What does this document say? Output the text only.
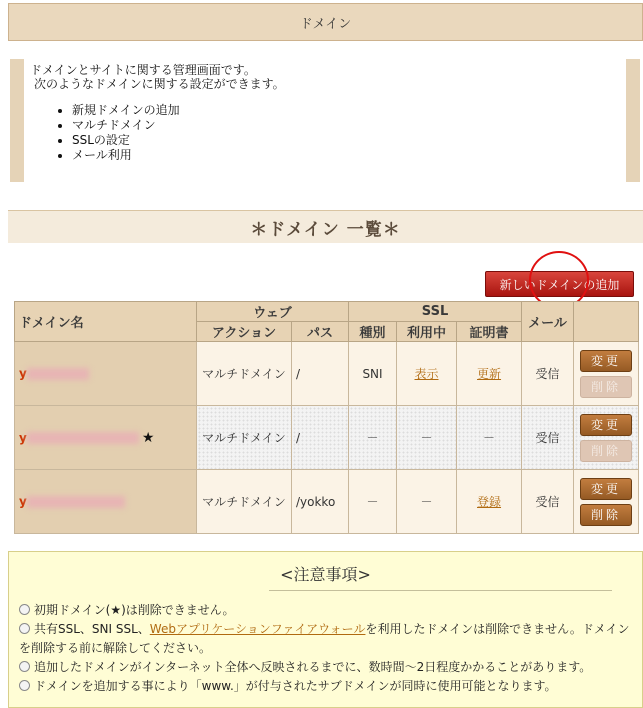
ドメイン
ドメインとサイトに関する管理画面です。
次のようなドメインに関する設定ができます。
• 新規ドメインの追加
• マルチドメイン
• SSLの設定
• メール利用
＊ドメイン 一覧＊
新しいドメインの追加
ドメイン名	ウェブ		SSL			メール	
	アクション	パス	種別	利用中	証明書		
y	マルチドメイン	/	SNI	表示	更新	受信	変更
削除

y ★	マルチドメイン	/	－	－	－	受信	変更
削除

y	マルチドメイン	/yokko	－	－	登録	受信	変更
削除
<注意事項>
初期ドメイン(★)は削除できません。
共有SSL、SNI SSL、Webアプリケーションファイアウォールを利用したドメインは削除できません。ドメインを削除する前に解除してください。
追加したドメインがインターネット全体へ反映されるまでに、数時間〜2日程度かかることがあります。
ドメインを追加する事により「www.」が付与されたサブドメインが同時に使用可能となります。
